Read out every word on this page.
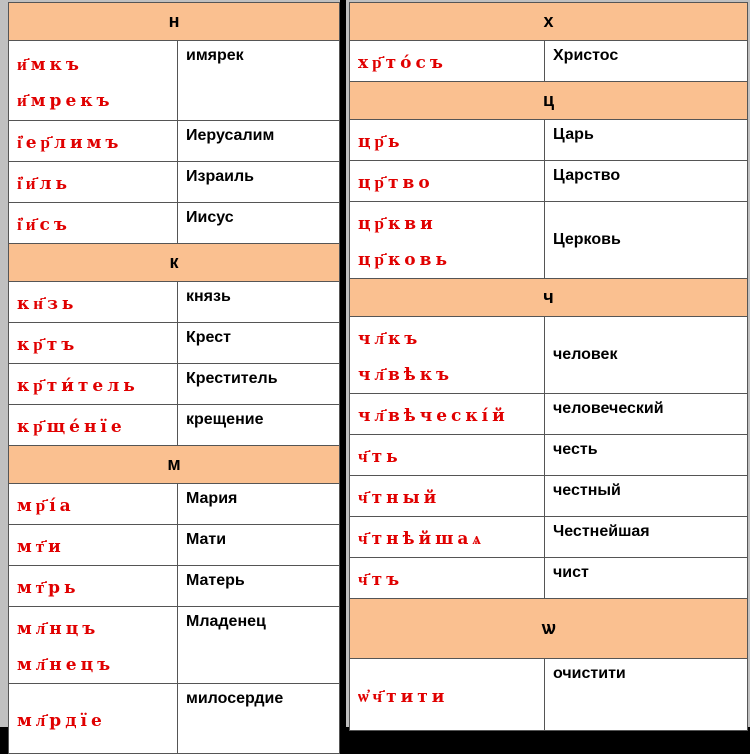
н	

и҃мкъ
и҃мрекъ	имярек

і҆ер҃лимъ	Иерусалим

і҆и҃ль	Израиль

і҆и҃съ	Иисус
к	

кн҃зь	князь

кр҃тъ	Крест

кр҃ти́тель	Креститель

кр҃ще́нїе	крещение
м	

мр҃і́а	Мария

мт҃и	Мати

мт҃рь	Матерь

мл҃нцъ
мл҃нецъ	Младенец

мл҃рдїе	милосердие
х	

хр҃то́съ	Христос
ц	

цр҃ь	Царь

цр҃тво	Царство

цр҃кви
цр҃ковь	Церковь
ч	

чл҃къ
чл҃вѣкъ	человек

чл҃вѣческі́й	человеческий

ч҃ть	честь

ч҃тный	честный

ч҃тнѣйшаѧ	Честнейшая

ч҃тъ	чист
ѡ	

ѡ҆ч҃тити	очистити
